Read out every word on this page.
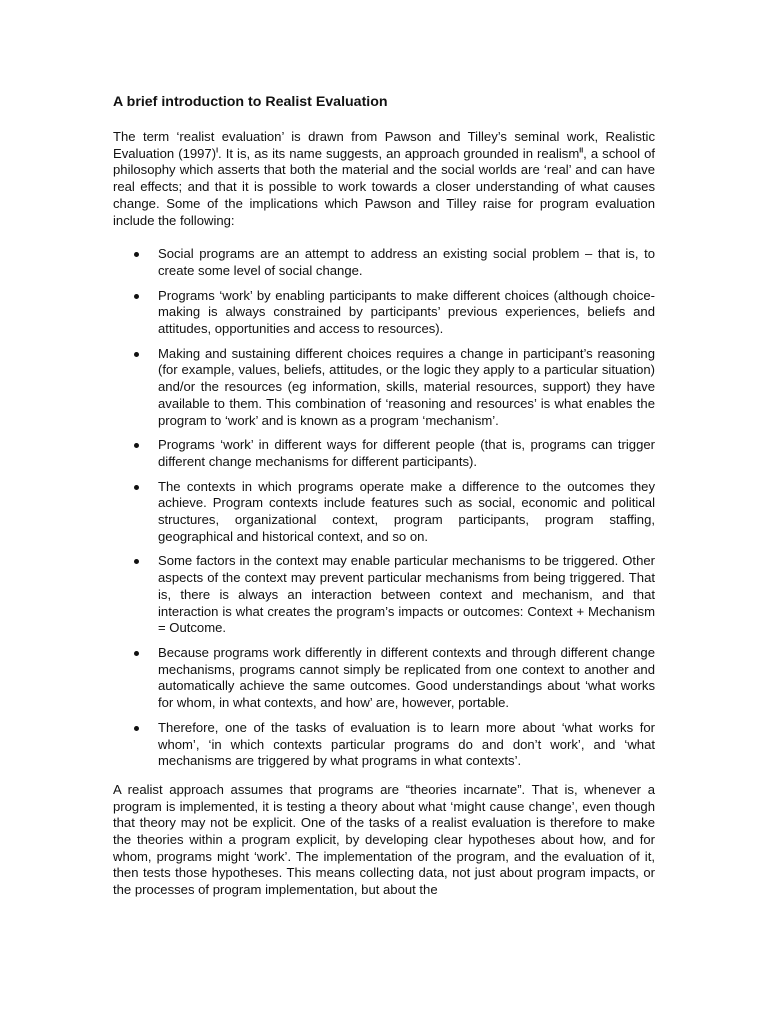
A brief introduction to Realist Evaluation

The term ‘realist evaluation’ is drawn from Pawson and Tilley’s seminal work, Realistic Evaluation $(1997)^I$. It is, as its name suggests, an approach grounded in realism$^{II}$, a school of philosophy which asserts that both the material and the social worlds are ‘real’ and can have real effects; and that it is possible to work towards a closer understanding of what causes change. Some of the implications which Pawson and Tilley raise for program evaluation include the following:

Social programs are an attempt to address an existing social problem – that is, to create some level of social change.
Programs ‘work’ by enabling participants to make different choices (although choice-making is always constrained by participants’ previous experiences, beliefs and attitudes, opportunities and access to resources).
Making and sustaining different choices requires a change in participant’s reasoning (for example, values, beliefs, attitudes, or the logic they apply to a particular situation) and/or the resources (eg information, skills, material resources, support) they have available to them. This combination of ‘reasoning and resources’ is what enables the program to ‘work’ and is known as a program ‘mechanism’.
Programs ‘work’ in different ways for different people (that is, programs can trigger different change mechanisms for different participants).
The contexts in which programs operate make a difference to the outcomes they achieve. Program contexts include features such as social, economic and political structures, organizational context, program participants, program staffing, geographical and historical context, and so on.
Some factors in the context may enable particular mechanisms to be triggered. Other aspects of the context may prevent particular mechanisms from being triggered. That is, there is always an interaction between context and mechanism, and that interaction is what creates the program’s impacts or outcomes: Context + Mechanism = Outcome.
Because programs work differently in different contexts and through different change mechanisms, programs cannot simply be replicated from one context to another and automatically achieve the same outcomes. Good understandings about ‘what works for whom, in what contexts, and how’ are, however, portable.
Therefore, one of the tasks of evaluation is to learn more about ‘what works for whom’, ‘in which contexts particular programs do and don’t work’, and ‘what mechanisms are triggered by what programs in what contexts’.

A realist approach assumes that programs are “theories incarnate”. That is, whenever a program is implemented, it is testing a theory about what ‘might cause change’, even though that theory may not be explicit. One of the tasks of a realist evaluation is therefore to make the theories within a program explicit, by developing clear hypotheses about how, and for whom, programs might ‘work’. The implementation of the program, and the evaluation of it, then tests those hypotheses. This means collecting data, not just about program impacts, or the processes of program implementation, but about the
